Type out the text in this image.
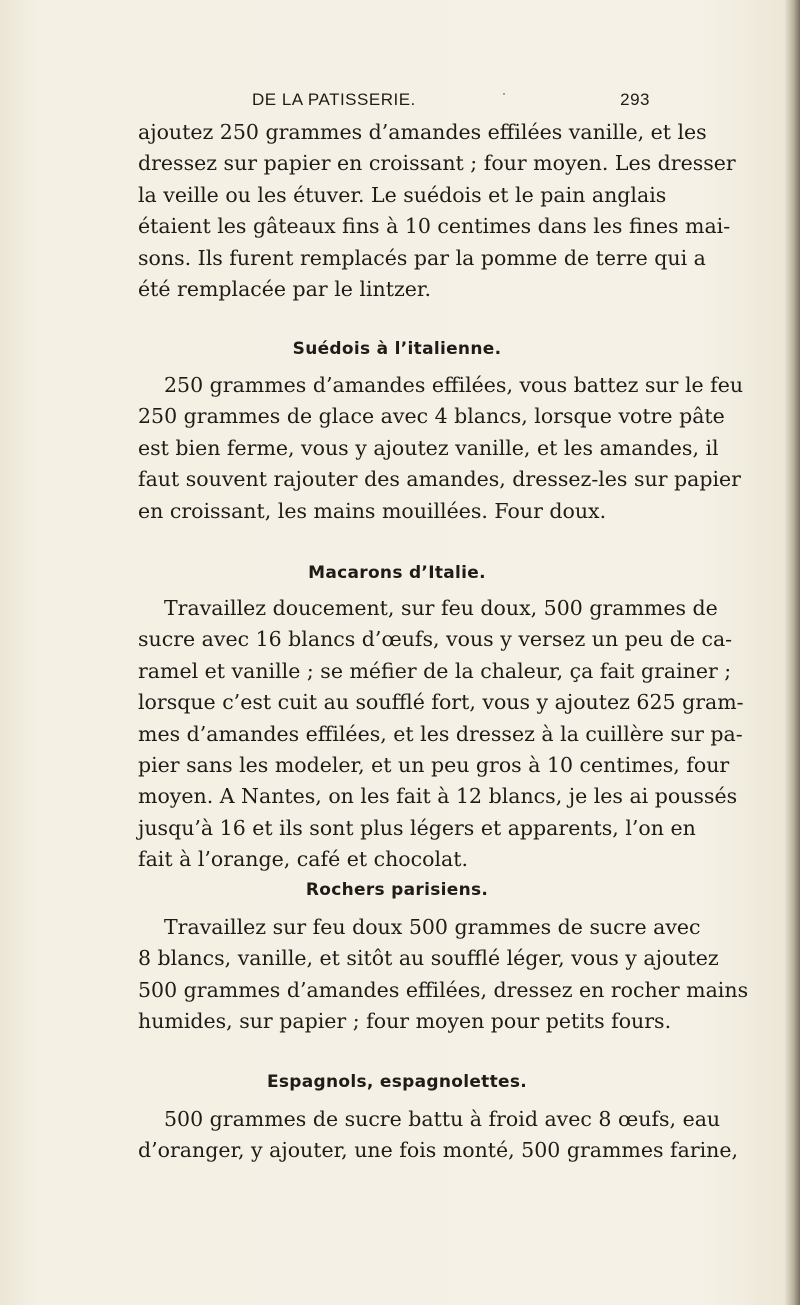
DE LA PATISSERIE.	·	293

ajoutez 250 grammes d’amandes effilées vanille, et les
dressez sur papier en croissant ; four moyen. Les dresser
la veille ou les étuver. Le suédois et le pain anglais
étaient les gâteaux fins à 10 centimes dans les fines mai-
sons. Ils furent remplacés par la pomme de terre qui a
été remplacée par le lintzer.

Suédois à l’italienne.

250 grammes d’amandes effilées, vous battez sur le feu
250 grammes de glace avec 4 blancs, lorsque votre pâte
est bien ferme, vous y ajoutez vanille, et les amandes, il
faut souvent rajouter des amandes, dressez-les sur papier
en croissant, les mains mouillées. Four doux.

Macarons d’Italie.

Travaillez doucement, sur feu doux, 500 grammes de
sucre avec 16 blancs d’œufs, vous y versez un peu de ca-
ramel et vanille ; se méfier de la chaleur, ça fait grainer ;
lorsque c’est cuit au soufflé fort, vous y ajoutez 625 gram-
mes d’amandes effilées, et les dressez à la cuillère sur pa-
pier sans les modeler, et un peu gros à 10 centimes, four
moyen. A Nantes, on les fait à 12 blancs, je les ai poussés
jusqu’à 16 et ils sont plus légers et apparents, l’on en
fait à l’orange, café et chocolat.

Rochers parisiens.

Travaillez sur feu doux 500 grammes de sucre avec
8 blancs, vanille, et sitôt au soufflé léger, vous y ajoutez
500 grammes d’amandes effilées, dressez en rocher mains
humides, sur papier ; four moyen pour petits fours.

Espagnols, espagnolettes.

500 grammes de sucre battu à froid avec 8 œufs, eau
d’oranger, y ajouter, une fois monté, 500 grammes farine,
